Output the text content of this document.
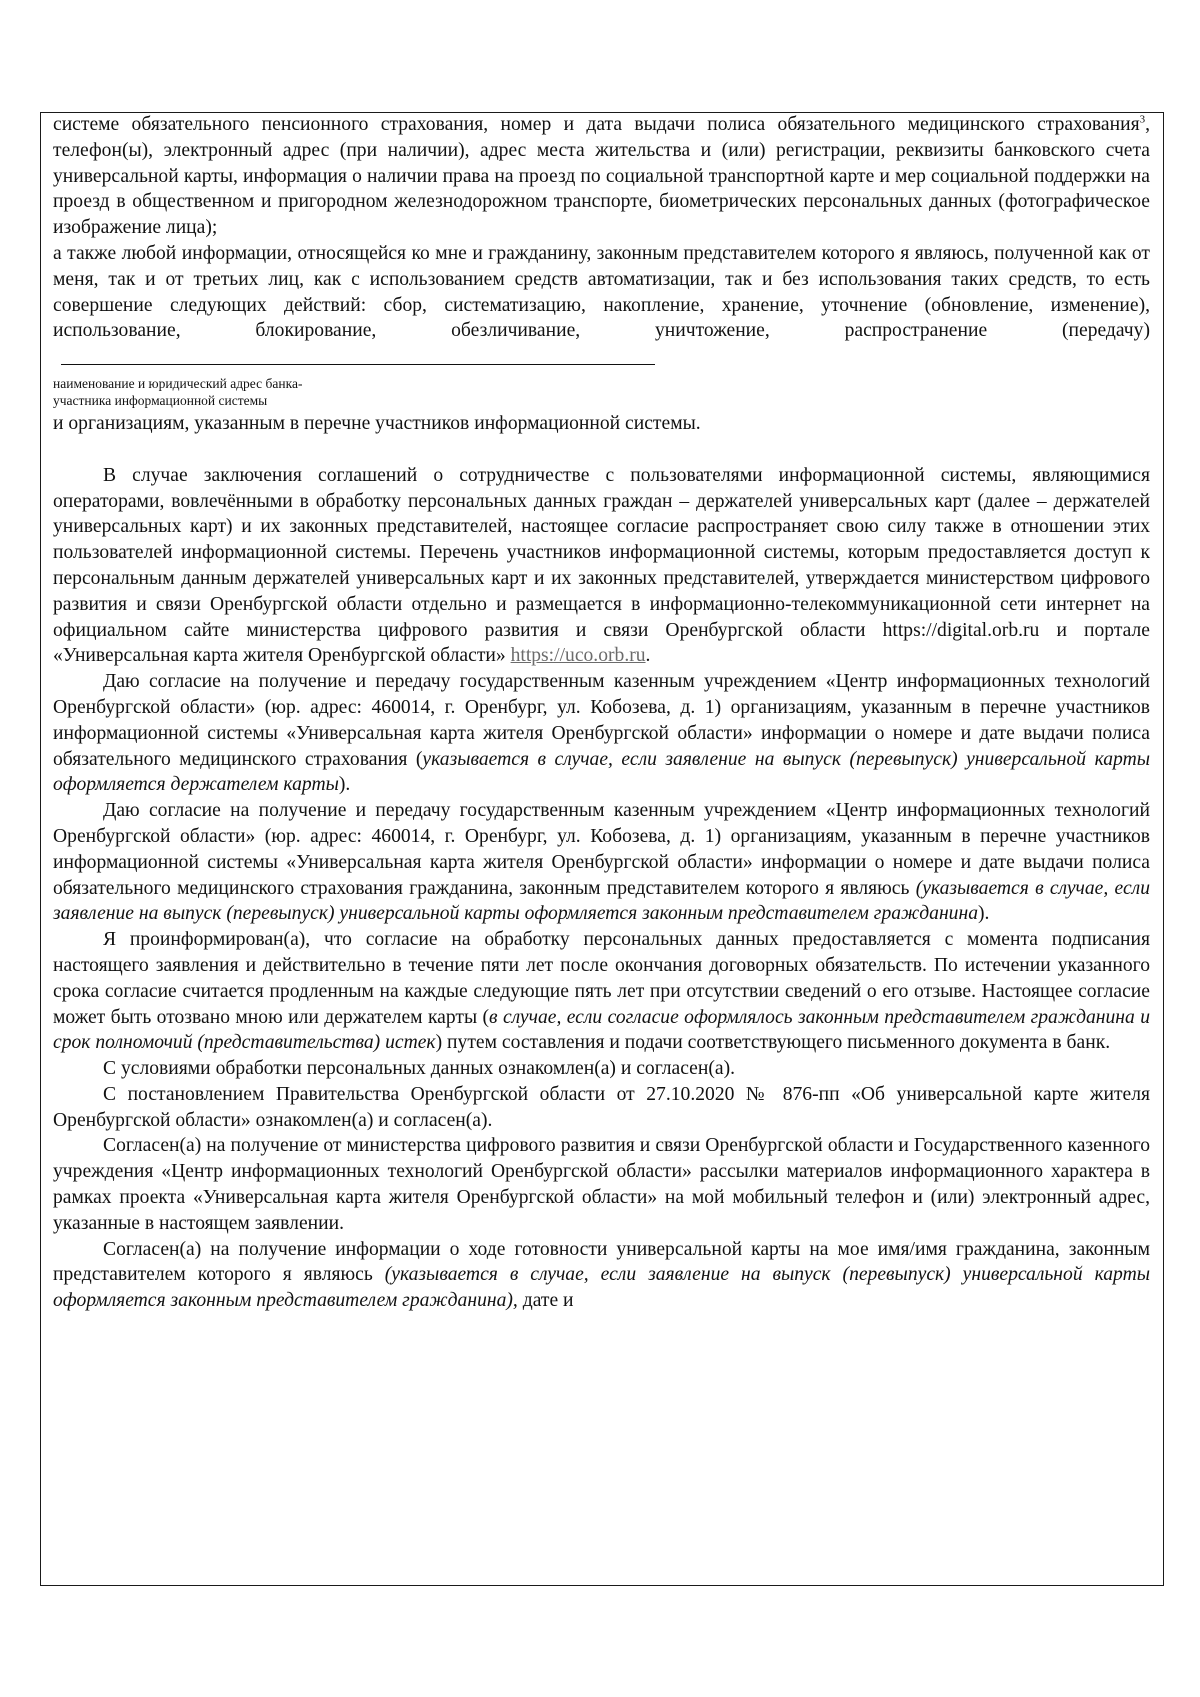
системе обязательного пенсионного страхования, номер и дата выдачи полиса обязательного медицинского страхования$^3$, телефон(ы), электронный адрес (при наличии), адрес места жительства и (или) регистрации, реквизиты банковского счета универсальной карты, информация о наличии права на проезд по социальной транспортной карте и мер социальной поддержки на проезд в общественном и пригородном железнодорожном транспорте, биометрических персональных данных (фотографическое изображение лица);

а также любой информации, относящейся ко мне и гражданину, законным представителем которого я являюсь, полученной как от меня, так и от третьих лиц, как с использованием средств автоматизации, так и без использования таких средств, то есть совершение следующих действий: сбор, систематизацию, накопление, хранение, уточнение (обновление, изменение), использование, блокирование, обезличивание, уничтожение, распространение (передачу)

наименование и юридический адрес банка-

участника информационной системы

и организациям, указанным в перечне участников информационной системы.

В случае заключения соглашений о сотрудничестве с пользователями информационной системы, являющимися операторами, вовлечёнными в обработку персональных данных граждан – держателей универсальных карт (далее – держателей универсальных карт) и их законных представителей, настоящее согласие распространяет свою силу также в отношении этих пользователей информационной системы. Перечень участников информационной системы, которым предоставляется доступ к персональным данным держателей универсальных карт и их законных представителей, утверждается министерством цифрового развития и связи Оренбургской области отдельно и размещается в информационно-телекоммуникационной сети интернет на официальном сайте министерства цифрового развития и связи Оренбургской области https://digital.orb.ru и портале «Универсальная карта жителя Оренбургской области» https://uco.orb.ru.

Даю согласие на получение и передачу государственным казенным учреждением «Центр информационных технологий Оренбургской области» (юр. адрес: 460014, г. Оренбург, ул. Кобозева, д. 1) организациям, указанным в перечне участников информационной системы «Универсальная карта жителя Оренбургской области» информации о номере и дате выдачи полиса обязательного медицинского страхования (указывается в случае, если заявление на выпуск (перевыпуск) универсальной карты оформляется держателем карты).

Даю согласие на получение и передачу государственным казенным учреждением «Центр информационных технологий Оренбургской области» (юр. адрес: 460014, г. Оренбург, ул. Кобозева, д. 1) организациям, указанным в перечне участников информационной системы «Универсальная карта жителя Оренбургской области» информации о номере и дате выдачи полиса обязательного медицинского страхования гражданина, законным представителем которого я являюсь (указывается в случае, если заявление на выпуск (перевыпуск) универсальной карты оформляется законным представителем гражданина).

Я проинформирован(а), что согласие на обработку персональных данных предоставляется с момента подписания настоящего заявления и действительно в течение пяти лет после окончания договорных обязательств. По истечении указанного срока согласие считается продленным на каждые следующие пять лет при отсутствии сведений о его отзыве. Настоящее согласие может быть отозвано мною или держателем карты (в случае, если согласие оформлялось законным представителем гражданина и срок полномочий (представительства) истек) путем составления и подачи соответствующего письменного документа в банк.

С условиями обработки персональных данных ознакомлен(а) и согласен(а).

С постановлением Правительства Оренбургской области от 27.10.2020 № 876-пп «Об универсальной карте жителя Оренбургской области» ознакомлен(а) и согласен(а).

Согласен(а) на получение от министерства цифрового развития и связи Оренбургской области и Государственного казенного учреждения «Центр информационных технологий Оренбургской области» рассылки материалов информационного характера в рамках проекта «Универсальная карта жителя Оренбургской области» на мой мобильный телефон и (или) электронный адрес, указанные в настоящем заявлении.

Согласен(а) на получение информации о ходе готовности универсальной карты на мое имя/имя гражданина, законным представителем которого я являюсь (указывается в случае, если заявление на выпуск (перевыпуск) универсальной карты оформляется законным представителем гражданина), дате и
